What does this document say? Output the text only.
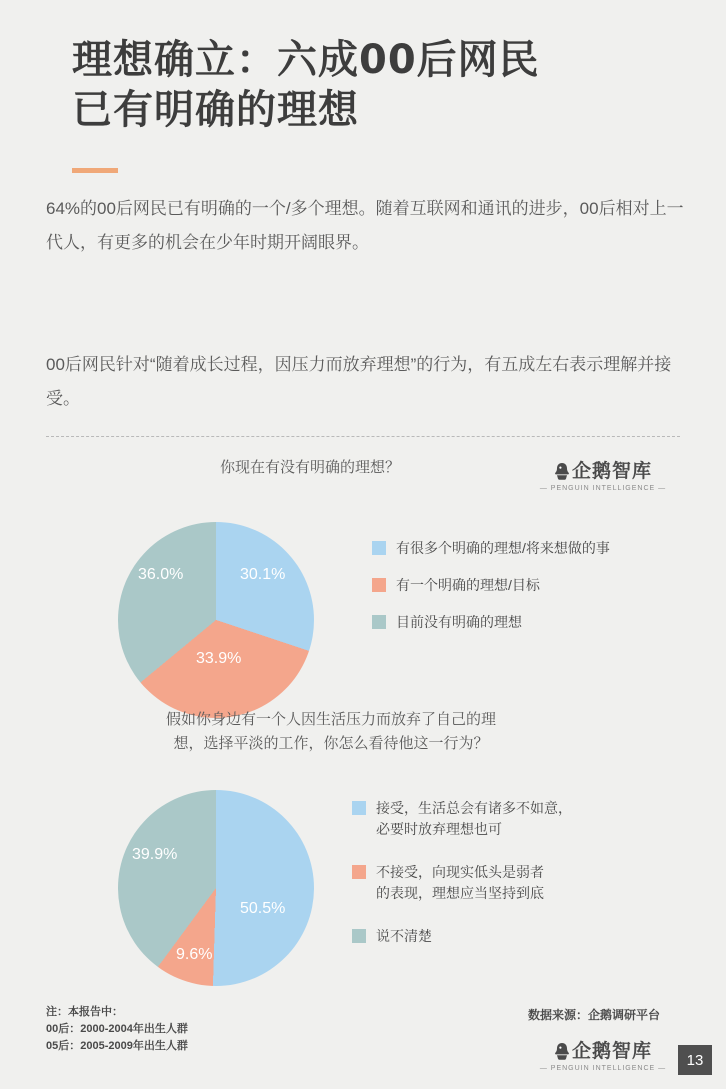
理想确立：六成00后网民
已有明确的理想
64%的00后网民已有明确的一个/多个理想。随着互联网和通讯的进步，00后相对上一代人，有更多的机会在少年时期开阔眼界。
00后网民针对“随着成长过程，因压力而放弃理想”的行为，有五成左右表示理解并接受。
你现在有没有明确的理想？	企鹅智库
— PENGUIN INTELLIGENCE —
30.1%
33.9%
36.0%
有很多个明确的理想/将来想做的事
有一个明确的理想/目标
目前没有明确的理想
假如你身边有一个人因生活压力而放弃了自己的理
想，选择平淡的工作，你怎么看待他这一行为？
50.5%
9.6%
39.9%
接受，生活总会有诸多不如意，
必要时放弃理想也可
不接受，向现实低头是弱者
的表现，理想应当坚持到底
说不清楚
注：本报告中：
00后：2000-2004年出生人群
05后：2005-2009年出生人群
数据来源：企鹅调研平台
企鹅智库
— PENGUIN INTELLIGENCE —	13
